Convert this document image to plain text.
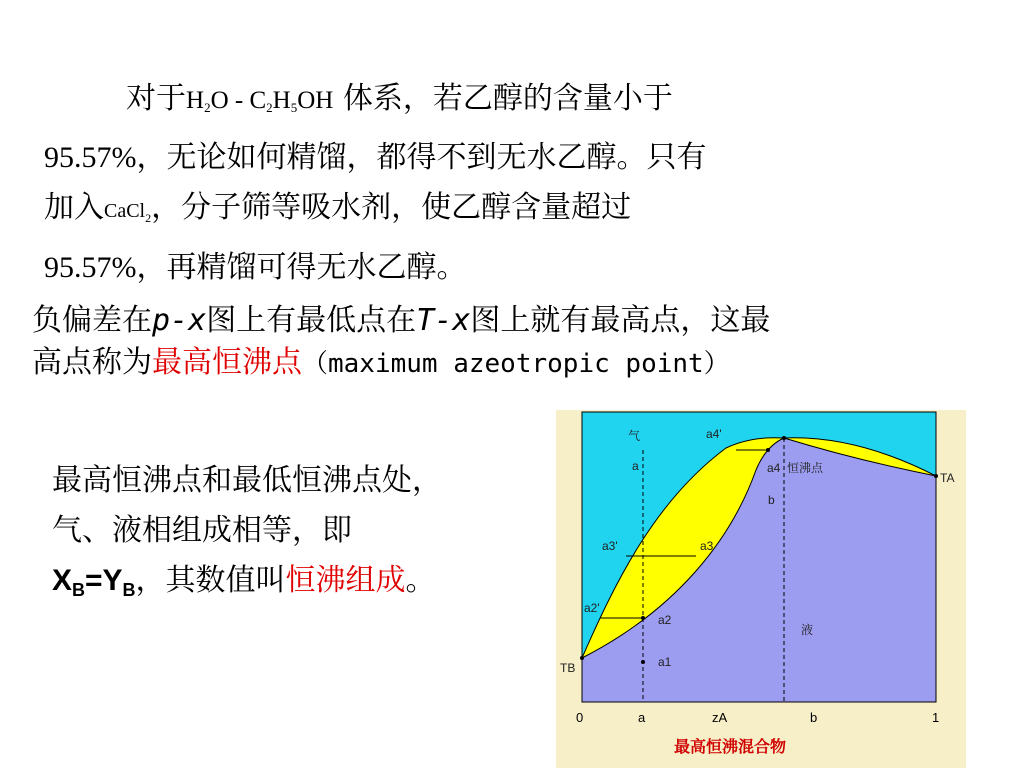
对于$H_2O - C_2H_5OH$ 体系，若乙醇的含量小于
95.57%，无论如何精馏，都得不到无水乙醇。只有
加入CaCl$_2$，分子筛等吸水剂，使乙醇含量超过
95.57%，再精馏可得无水乙醇。
负偏差在p-x图上有最低点在T-x图上就有最高点，这最
高点称为最高恒沸点（maximum azeotropic point）
最高恒沸点和最低恒沸点处，
气、液相组成相等，即
$X_B=Y_B$，其数值叫恒沸组成。
气
a
a4'
a4 恒沸点
b
a3'	a3
a2'
a2
a1
液
TB
TA
0	a	zA	b	1
最高恒沸混合物
